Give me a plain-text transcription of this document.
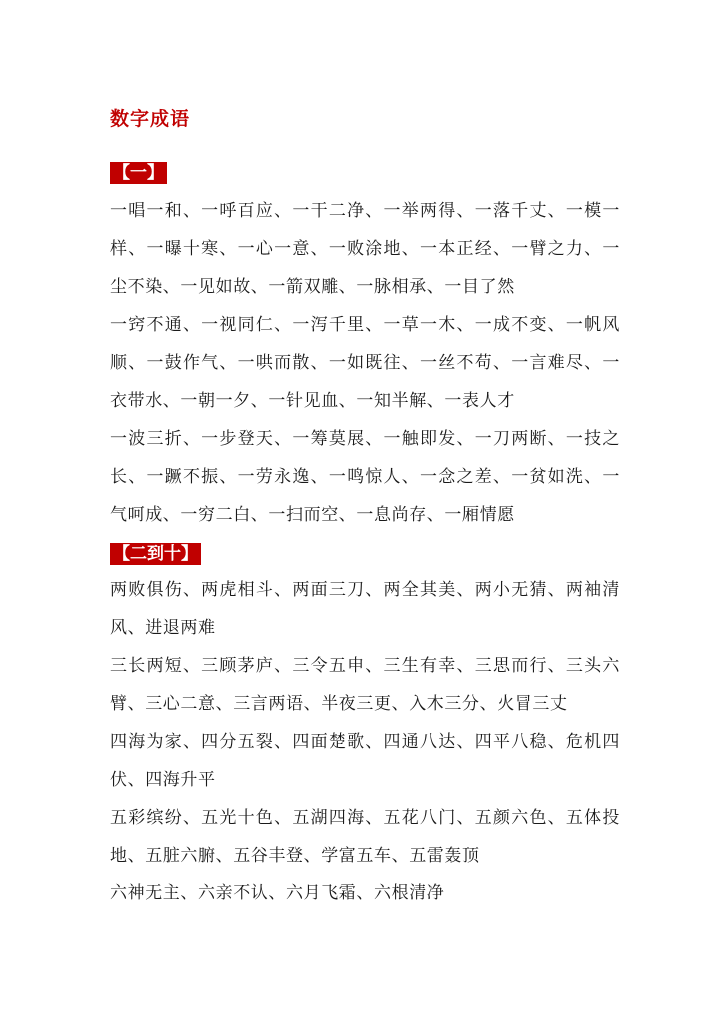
数字成语
【一】
一唱一和、一呼百应、一干二净、一举两得、一落千丈、一模一样、一曝十寒、一心一意、一败涂地、一本正经、一臂之力、一尘不染、一见如故、一箭双雕、一脉相承、一目了然
一窍不通、一视同仁、一泻千里、一草一木、一成不变、一帆风顺、一鼓作气、一哄而散、一如既往、一丝不苟、一言难尽、一衣带水、一朝一夕、一针见血、一知半解、一表人才
一波三折、一步登天、一筹莫展、一触即发、一刀两断、一技之长、一蹶不振、一劳永逸、一鸣惊人、一念之差、一贫如洗、一气呵成、一穷二白、一扫而空、一息尚存、一厢情愿
【二到十】
两败俱伤、两虎相斗、两面三刀、两全其美、两小无猜、两袖清风、进退两难
三长两短、三顾茅庐、三令五申、三生有幸、三思而行、三头六臂、三心二意、三言两语、半夜三更、入木三分、火冒三丈
四海为家、四分五裂、四面楚歌、四通八达、四平八稳、危机四伏、四海升平
五彩缤纷、五光十色、五湖四海、五花八门、五颜六色、五体投地、五脏六腑、五谷丰登、学富五车、五雷轰顶
六神无主、六亲不认、六月飞霜、六根清净
